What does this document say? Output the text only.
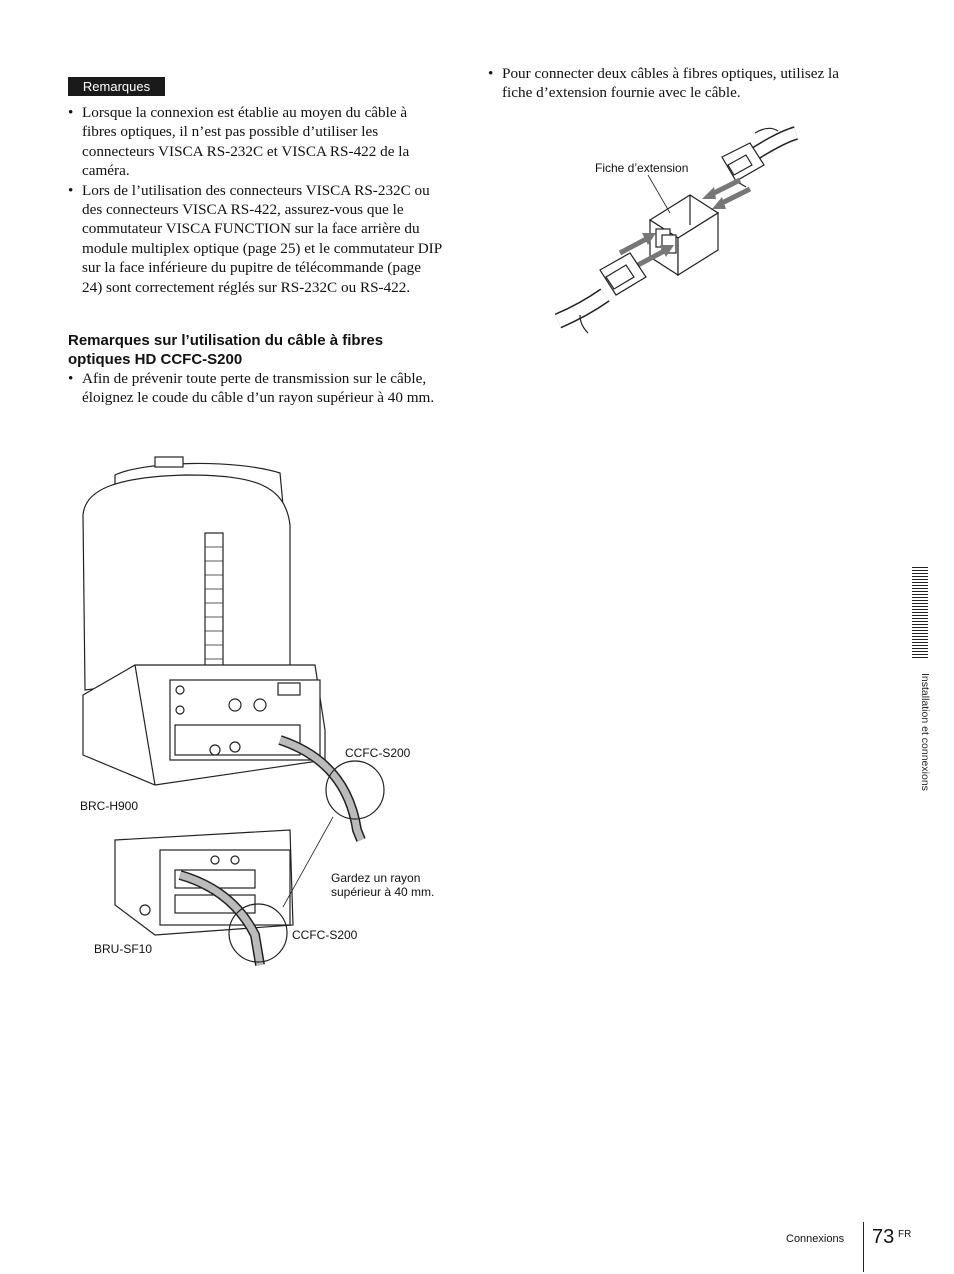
Remarques
• Lorsque la connexion est établie au moyen du câble à fibres optiques, il n’est pas possible d’utiliser les connecteurs VISCA RS-232C et VISCA RS-422 de la caméra.
• Lors de l’utilisation des connecteurs VISCA RS-232C ou des connecteurs VISCA RS-422, assurez-vous que le commutateur VISCA FUNCTION sur la face arrière du module multiplex optique (page 25) et le commutateur DIP sur la face inférieure du pupitre de télécommande (page 24) sont correctement réglés sur RS-232C ou RS-422.
Remarques sur l’utilisation du câble à fibres optiques HD CCFC-S200
• Afin de prévenir toute perte de transmission sur le câble, éloignez le coude du câble d’un rayon supérieur à 40 mm.
• Pour connecter deux câbles à fibres optiques, utilisez la fiche d’extension fournie avec le câble.
Fiche d’extension
CCFC-S200
BRC-H900
Gardez un rayon supérieur à 40 mm.
CCFC-S200
BRU-SF10
Installation et connexions
Connexions 73 FR
